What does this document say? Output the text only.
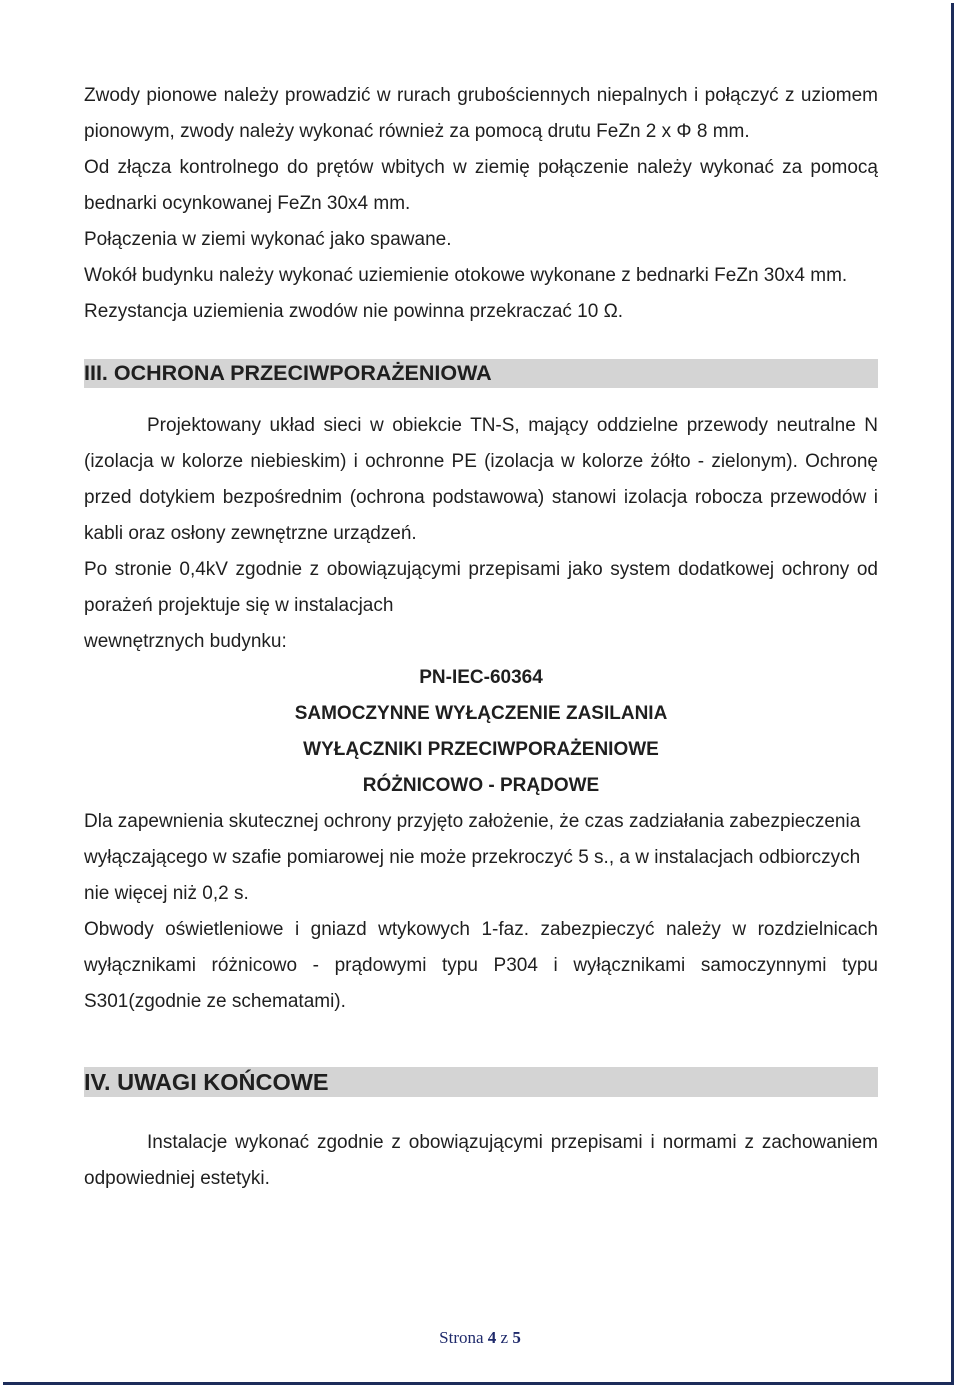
Zwody pionowe należy prowadzić w rurach grubościennych niepalnych i połączyć z uziomem pionowym, zwody należy wykonać również za pomocą drutu FeZn 2 x Φ 8 mm.

Od złącza kontrolnego do prętów wbitych w ziemię połączenie należy wykonać za pomocą bednarki ocynkowanej FeZn 30x4 mm.

Połączenia w ziemi wykonać jako spawane.

Wokół budynku należy wykonać uziemienie otokowe wykonane z bednarki FeZn 30x4 mm.

Rezystancja uziemienia zwodów nie powinna przekraczać 10 Ω.

III. OCHRONA PRZECIWPORAŻENIOWA

Projektowany układ sieci w obiekcie TN-S, mający oddzielne przewody neutralne N (izolacja w kolorze niebieskim) i ochronne PE (izolacja w kolorze żółto - zielonym). Ochronę przed dotykiem bezpośrednim (ochrona podstawowa) stanowi izolacja robocza przewodów i kabli oraz osłony zewnętrzne urządzeń.

Po stronie 0,4kV zgodnie z obowiązującymi przepisami jako system dodatkowej ochrony od porażeń projektuje się w instalacjach

wewnętrznych budynku:

PN-IEC-60364

SAMOCZYNNE WYŁĄCZENIE ZASILANIA

WYŁĄCZNIKI PRZECIWPORAŻENIOWE

RÓŻNICOWO - PRĄDOWE

Dla zapewnienia skutecznej ochrony przyjęto założenie, że czas zadziałania zabezpieczenia wyłączającego w szafie pomiarowej nie może przekroczyć 5 s., a w instalacjach odbiorczych nie więcej niż 0,2 s.

Obwody oświetleniowe i gniazd wtykowych 1-faz. zabezpieczyć należy w rozdzielnicach wyłącznikami różnicowo - prądowymi typu P304 i wyłącznikami samoczynnymi typu S301(zgodnie ze schematami).

IV. UWAGI KOŃCOWE

Instalacje wykonać zgodnie z obowiązującymi przepisami i normami z zachowaniem odpowiedniej estetyki.

Strona 4 z 5
